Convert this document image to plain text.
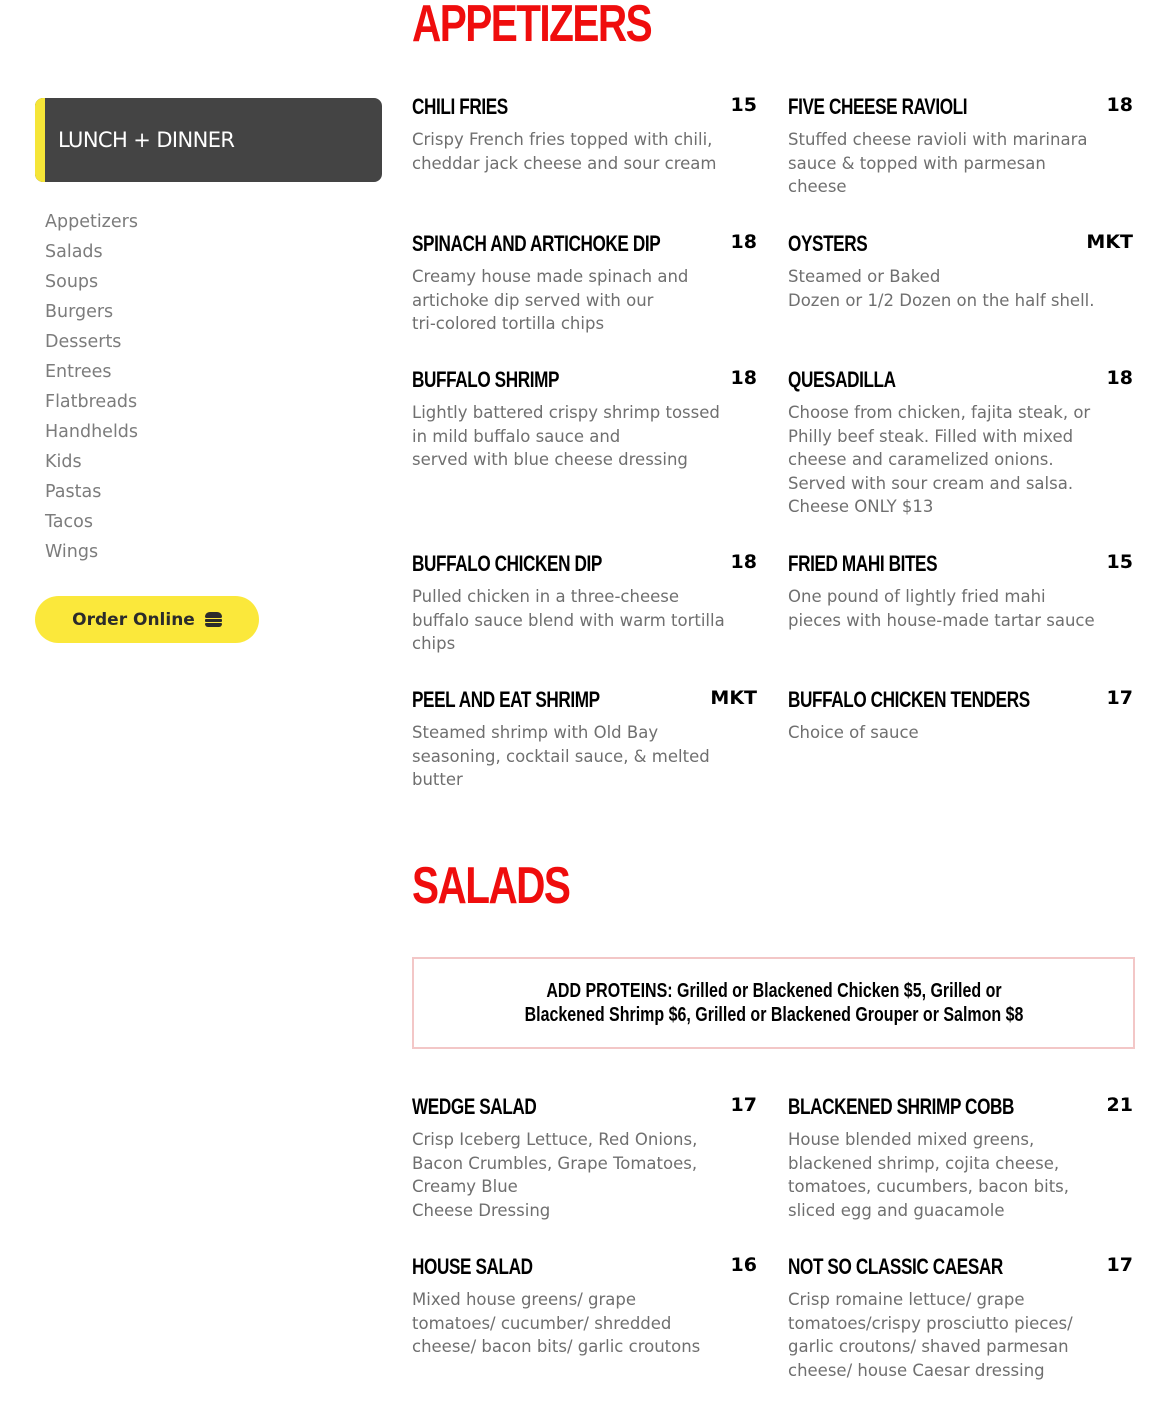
APPETIZERS
LUNCH + DINNER
Appetizers
Salads
Soups
Burgers
Desserts
Entrees
Flatbreads
Handhelds
Kids
Pastas
Tacos
Wings
Order Online
CHILI FRIES	15
Crispy French fries topped with chili,
cheddar jack cheese and sour cream
FIVE CHEESE RAVIOLI	18
Stuffed cheese ravioli with marinara
sauce & topped with parmesan
cheese
SPINACH AND ARTICHOKE DIP	18
Creamy house made spinach and
artichoke dip served with our
tri-colored tortilla chips
OYSTERS	MKT
Steamed or Baked
Dozen or 1/2 Dozen on the half shell.
BUFFALO SHRIMP	18
Lightly battered crispy shrimp tossed
in mild buffalo sauce and
served with blue cheese dressing
QUESADILLA	18
Choose from chicken, fajita steak, or
Philly beef steak. Filled with mixed
cheese and caramelized onions.
Served with sour cream and salsa.
Cheese ONLY $13
BUFFALO CHICKEN DIP	18
Pulled chicken in a three-cheese
buffalo sauce blend with warm tortilla
chips
FRIED MAHI BITES	15
One pound of lightly fried mahi
pieces with house-made tartar sauce
PEEL AND EAT SHRIMP	MKT
Steamed shrimp with Old Bay
seasoning, cocktail sauce, & melted
butter
BUFFALO CHICKEN TENDERS	17
Choice of sauce
SALADS
ADD PROTEINS: Grilled or Blackened Chicken $5, Grilled or
Blackened Shrimp $6, Grilled or Blackened Grouper or Salmon $8
WEDGE SALAD	17
Crisp Iceberg Lettuce, Red Onions,
Bacon Crumbles, Grape Tomatoes,
Creamy Blue
Cheese Dressing
BLACKENED SHRIMP COBB	21
House blended mixed greens,
blackened shrimp, cojita cheese,
tomatoes, cucumbers, bacon bits,
sliced egg and guacamole
HOUSE SALAD	16
Mixed house greens/ grape
tomatoes/ cucumber/ shredded
cheese/ bacon bits/ garlic croutons
NOT SO CLASSIC CAESAR	17
Crisp romaine lettuce/ grape
tomatoes/crispy prosciutto pieces/
garlic croutons/ shaved parmesan
cheese/ house Caesar dressing
